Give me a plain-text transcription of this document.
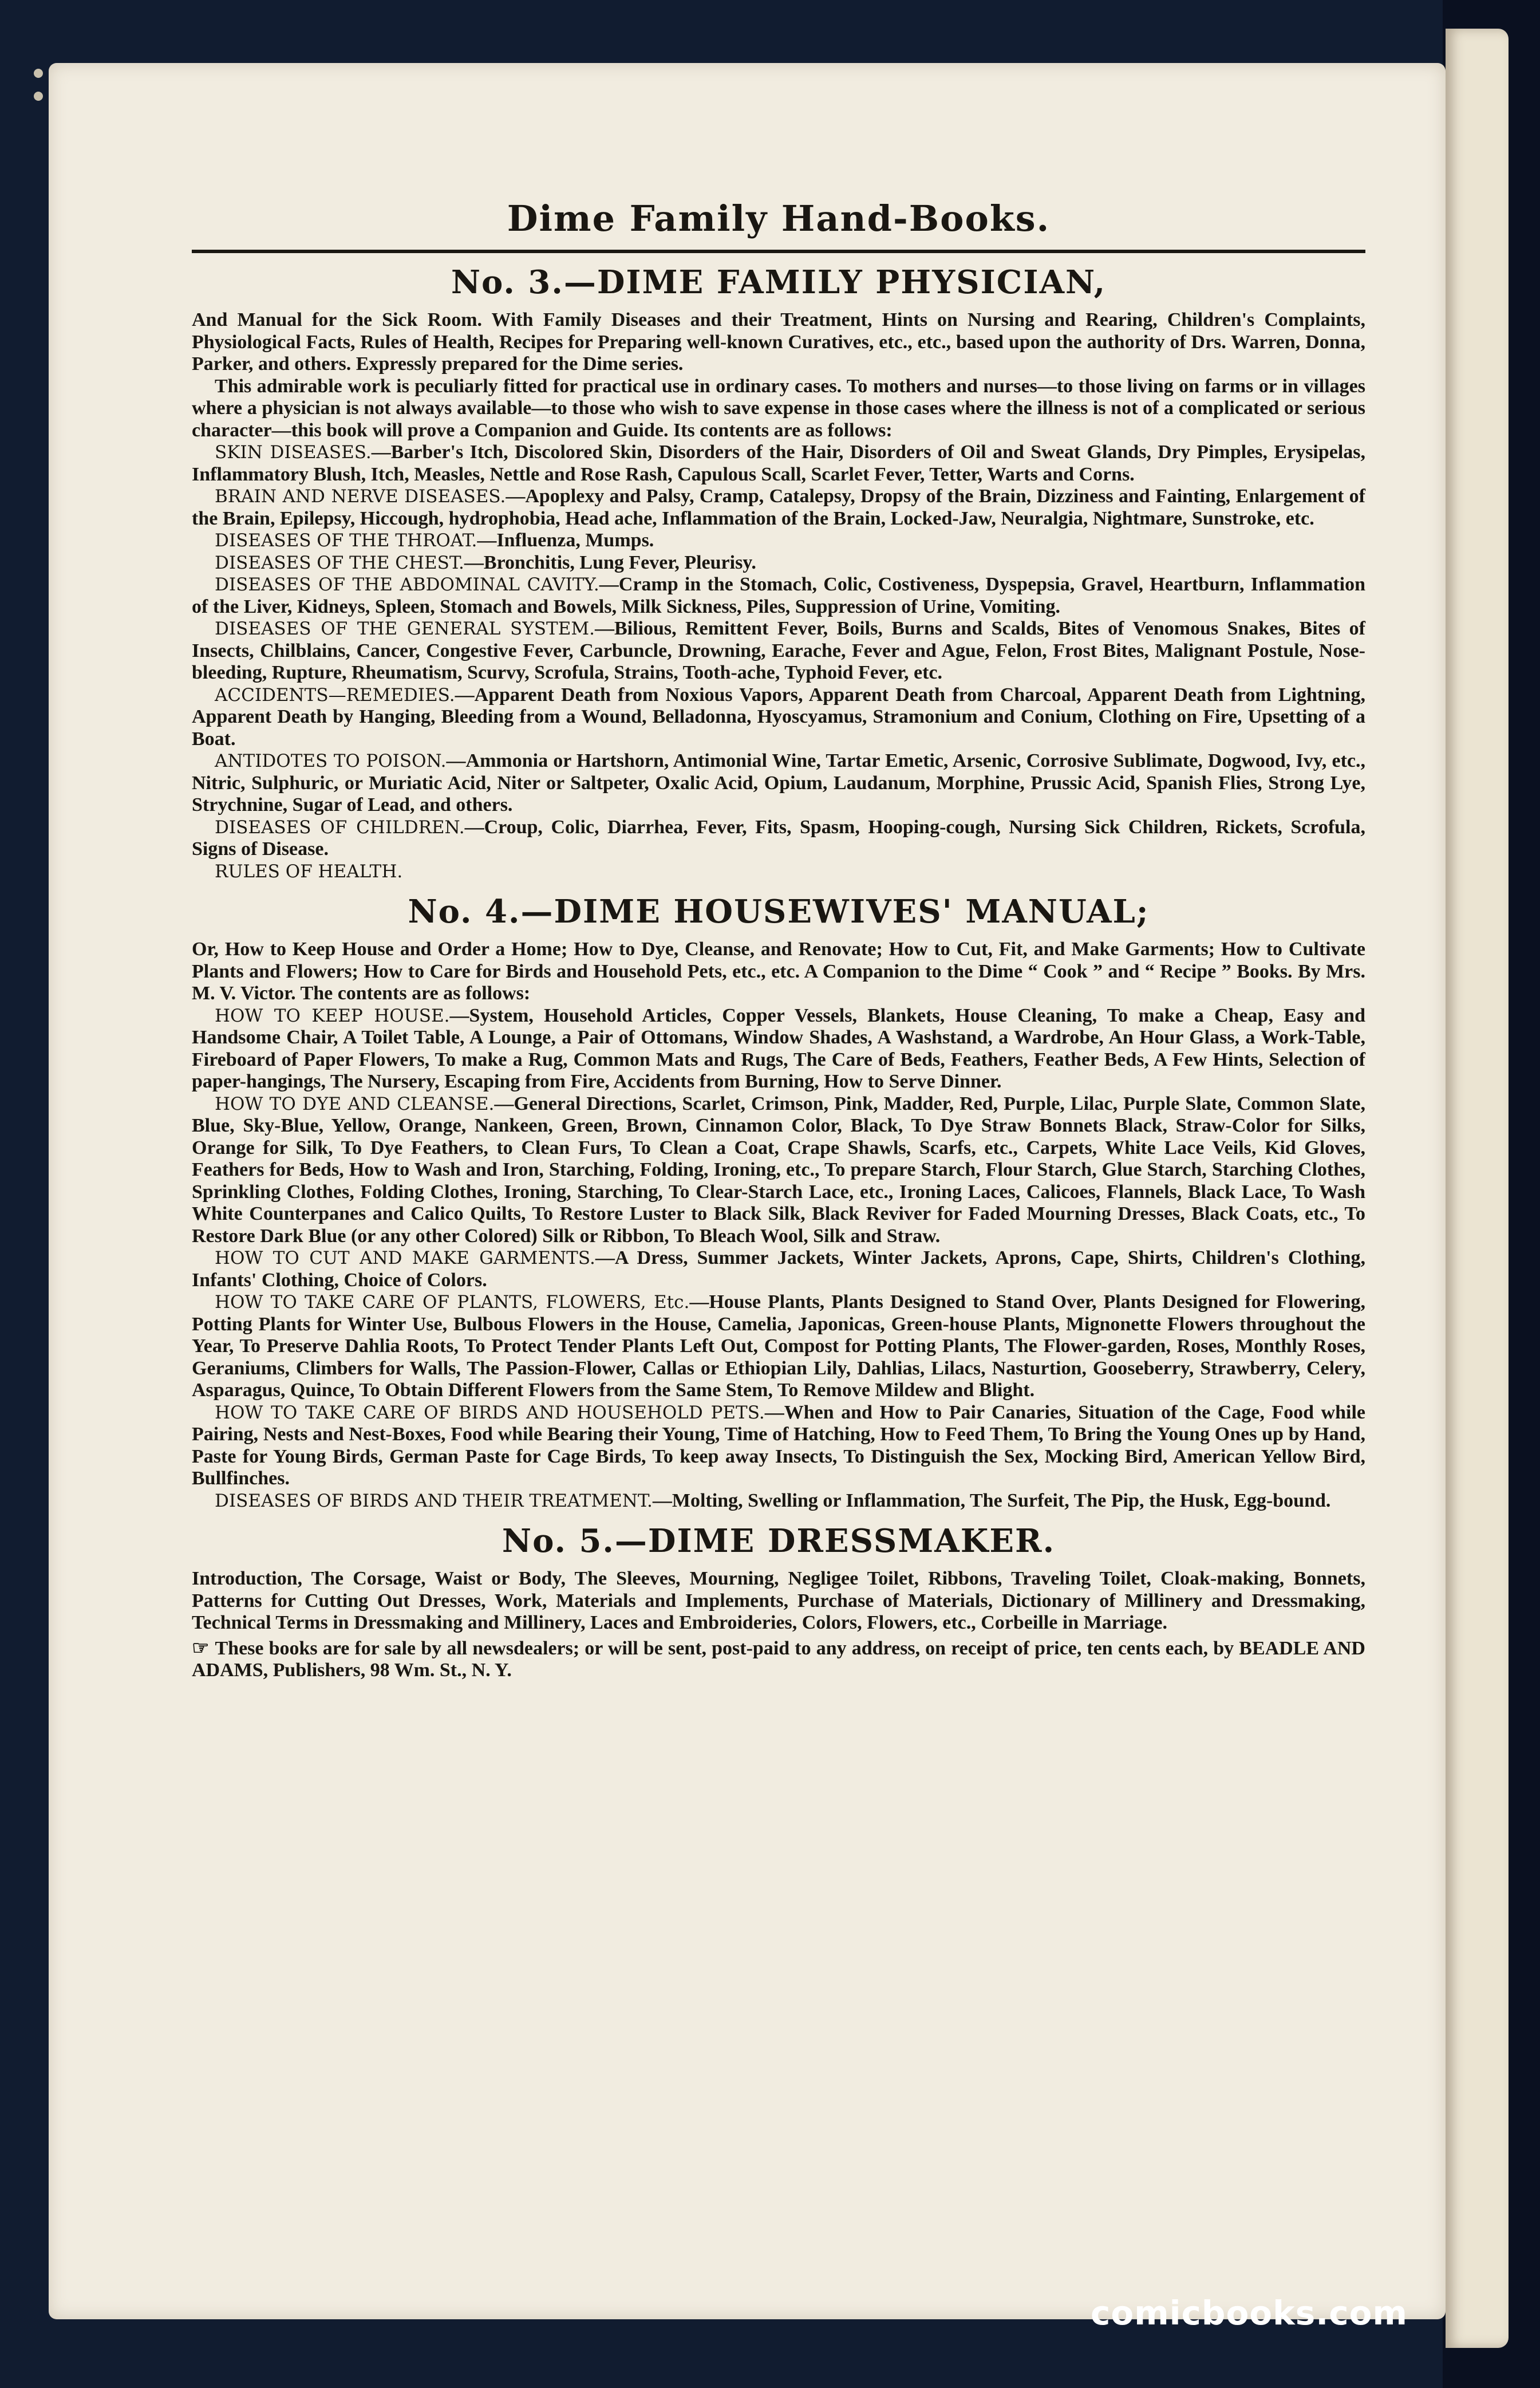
Dime Family Hand-Books.
No. 3.—DIME FAMILY PHYSICIAN,

And Manual for the Sick Room. With Family Diseases and their Treatment, Hints on Nursing and Rearing, Children's Complaints, Physiological Facts, Rules of Health, Recipes for Preparing well-known Curatives, etc., etc., based upon the authority of Drs. Warren, Donna, Parker, and others. Expressly prepared for the Dime series.

This admirable work is peculiarly fitted for practical use in ordinary cases. To mothers and nurses—to those living on farms or in villages where a physician is not always available—to those who wish to save expense in those cases where the illness is not of a complicated or serious character—this book will prove a Companion and Guide. Its contents are as follows:

SKIN DISEASES.—Barber's Itch, Discolored Skin, Disorders of the Hair, Disorders of Oil and Sweat Glands, Dry Pimples, Erysipelas, Inflammatory Blush, Itch, Measles, Nettle and Rose Rash, Capulous Scall, Scarlet Fever, Tetter, Warts and Corns.

BRAIN AND NERVE DISEASES.—Apoplexy and Palsy, Cramp, Catalepsy, Dropsy of the Brain, Dizziness and Fainting, Enlargement of the Brain, Epilepsy, Hiccough, hydrophobia, Head ache, Inflammation of the Brain, Locked-Jaw, Neuralgia, Nightmare, Sunstroke, etc.

DISEASES OF THE THROAT.—Influenza, Mumps.

DISEASES OF THE CHEST.—Bronchitis, Lung Fever, Pleurisy.

DISEASES OF THE ABDOMINAL CAVITY.—Cramp in the Stomach, Colic, Costiveness, Dyspepsia, Gravel, Heartburn, Inflammation of the Liver, Kidneys, Spleen, Stomach and Bowels, Milk Sickness, Piles, Suppression of Urine, Vomiting.

DISEASES OF THE GENERAL SYSTEM.—Bilious, Remittent Fever, Boils, Burns and Scalds, Bites of Venomous Snakes, Bites of Insects, Chilblains, Cancer, Congestive Fever, Carbuncle, Drowning, Earache, Fever and Ague, Felon, Frost Bites, Malignant Postule, Nose-bleeding, Rupture, Rheumatism, Scurvy, Scrofula, Strains, Tooth-ache, Typhoid Fever, etc.

ACCIDENTS—REMEDIES.—Apparent Death from Noxious Vapors, Apparent Death from Charcoal, Apparent Death from Lightning, Apparent Death by Hanging, Bleeding from a Wound, Belladonna, Hyoscyamus, Stramonium and Conium, Clothing on Fire, Upsetting of a Boat.

ANTIDOTES TO POISON.—Ammonia or Hartshorn, Antimonial Wine, Tartar Emetic, Arsenic, Corrosive Sublimate, Dogwood, Ivy, etc., Nitric, Sulphuric, or Muriatic Acid, Niter or Saltpeter, Oxalic Acid, Opium, Laudanum, Morphine, Prussic Acid, Spanish Flies, Strong Lye, Strychnine, Sugar of Lead, and others.

DISEASES OF CHILDREN.—Croup, Colic, Diarrhea, Fever, Fits, Spasm, Hooping-cough, Nursing Sick Children, Rickets, Scrofula, Signs of Disease.

RULES OF HEALTH.

No. 4.—DIME HOUSEWIVES' MANUAL;

Or, How to Keep House and Order a Home; How to Dye, Cleanse, and Renovate; How to Cut, Fit, and Make Garments; How to Cultivate Plants and Flowers; How to Care for Birds and Household Pets, etc., etc. A Companion to the Dime “ Cook ” and “ Recipe ” Books. By Mrs. M. V. Victor. The contents are as follows:

HOW TO KEEP HOUSE.—System, Household Articles, Copper Vessels, Blankets, House Cleaning, To make a Cheap, Easy and Handsome Chair, A Toilet Table, A Lounge, a Pair of Ottomans, Window Shades, A Washstand, a Wardrobe, An Hour Glass, a Work-Table, Fireboard of Paper Flowers, To make a Rug, Common Mats and Rugs, The Care of Beds, Feathers, Feather Beds, A Few Hints, Selection of paper-hangings, The Nursery, Escaping from Fire, Accidents from Burning, How to Serve Dinner.

HOW TO DYE AND CLEANSE.—General Directions, Scarlet, Crimson, Pink, Madder, Red, Purple, Lilac, Purple Slate, Common Slate, Blue, Sky-Blue, Yellow, Orange, Nankeen, Green, Brown, Cinnamon Color, Black, To Dye Straw Bonnets Black, Straw-Color for Silks, Orange for Silk, To Dye Feathers, to Clean Furs, To Clean a Coat, Crape Shawls, Scarfs, etc., Carpets, White Lace Veils, Kid Gloves, Feathers for Beds, How to Wash and Iron, Starching, Folding, Ironing, etc., To prepare Starch, Flour Starch, Glue Starch, Starching Clothes, Sprinkling Clothes, Folding Clothes, Ironing, Starching, To Clear-Starch Lace, etc., Ironing Laces, Calicoes, Flannels, Black Lace, To Wash White Counterpanes and Calico Quilts, To Restore Luster to Black Silk, Black Reviver for Faded Mourning Dresses, Black Coats, etc., To Restore Dark Blue (or any other Colored) Silk or Ribbon, To Bleach Wool, Silk and Straw.

HOW TO CUT AND MAKE GARMENTS.—A Dress, Summer Jackets, Winter Jackets, Aprons, Cape, Shirts, Children's Clothing, Infants' Clothing, Choice of Colors.

HOW TO TAKE CARE OF PLANTS, FLOWERS, Etc.—House Plants, Plants Designed to Stand Over, Plants Designed for Flowering, Potting Plants for Winter Use, Bulbous Flowers in the House, Camelia, Japonicas, Green-house Plants, Mignonette Flowers throughout the Year, To Preserve Dahlia Roots, To Protect Tender Plants Left Out, Compost for Potting Plants, The Flower-garden, Roses, Monthly Roses, Geraniums, Climbers for Walls, The Passion-Flower, Callas or Ethiopian Lily, Dahlias, Lilacs, Nasturtion, Gooseberry, Strawberry, Celery, Asparagus, Quince, To Obtain Different Flowers from the Same Stem, To Remove Mildew and Blight.

HOW TO TAKE CARE OF BIRDS AND HOUSEHOLD PETS.—When and How to Pair Canaries, Situation of the Cage, Food while Pairing, Nests and Nest-Boxes, Food while Bearing their Young, Time of Hatching, How to Feed Them, To Bring the Young Ones up by Hand, Paste for Young Birds, German Paste for Cage Birds, To keep away Insects, To Distinguish the Sex, Mocking Bird, American Yellow Bird, Bullfinches.

DISEASES OF BIRDS AND THEIR TREATMENT.—Molting, Swelling or Inflammation, The Surfeit, The Pip, the Husk, Egg-bound.

No. 5.—DIME DRESSMAKER.

Introduction, The Corsage, Waist or Body, The Sleeves, Mourning, Negligee Toilet, Ribbons, Traveling Toilet, Cloak-making, Bonnets, Patterns for Cutting Out Dresses, Work, Materials and Implements, Purchase of Materials, Dictionary of Millinery and Dressmaking, Technical Terms in Dressmaking and Millinery, Laces and Embroideries, Colors, Flowers, etc., Corbeille in Marriage.

☞ These books are for sale by all newsdealers; or will be sent, post-paid to any address, on receipt of price, ten cents each, by BEADLE AND ADAMS, Publishers, 98 Wm. St., N. Y.

comicbooks.com
